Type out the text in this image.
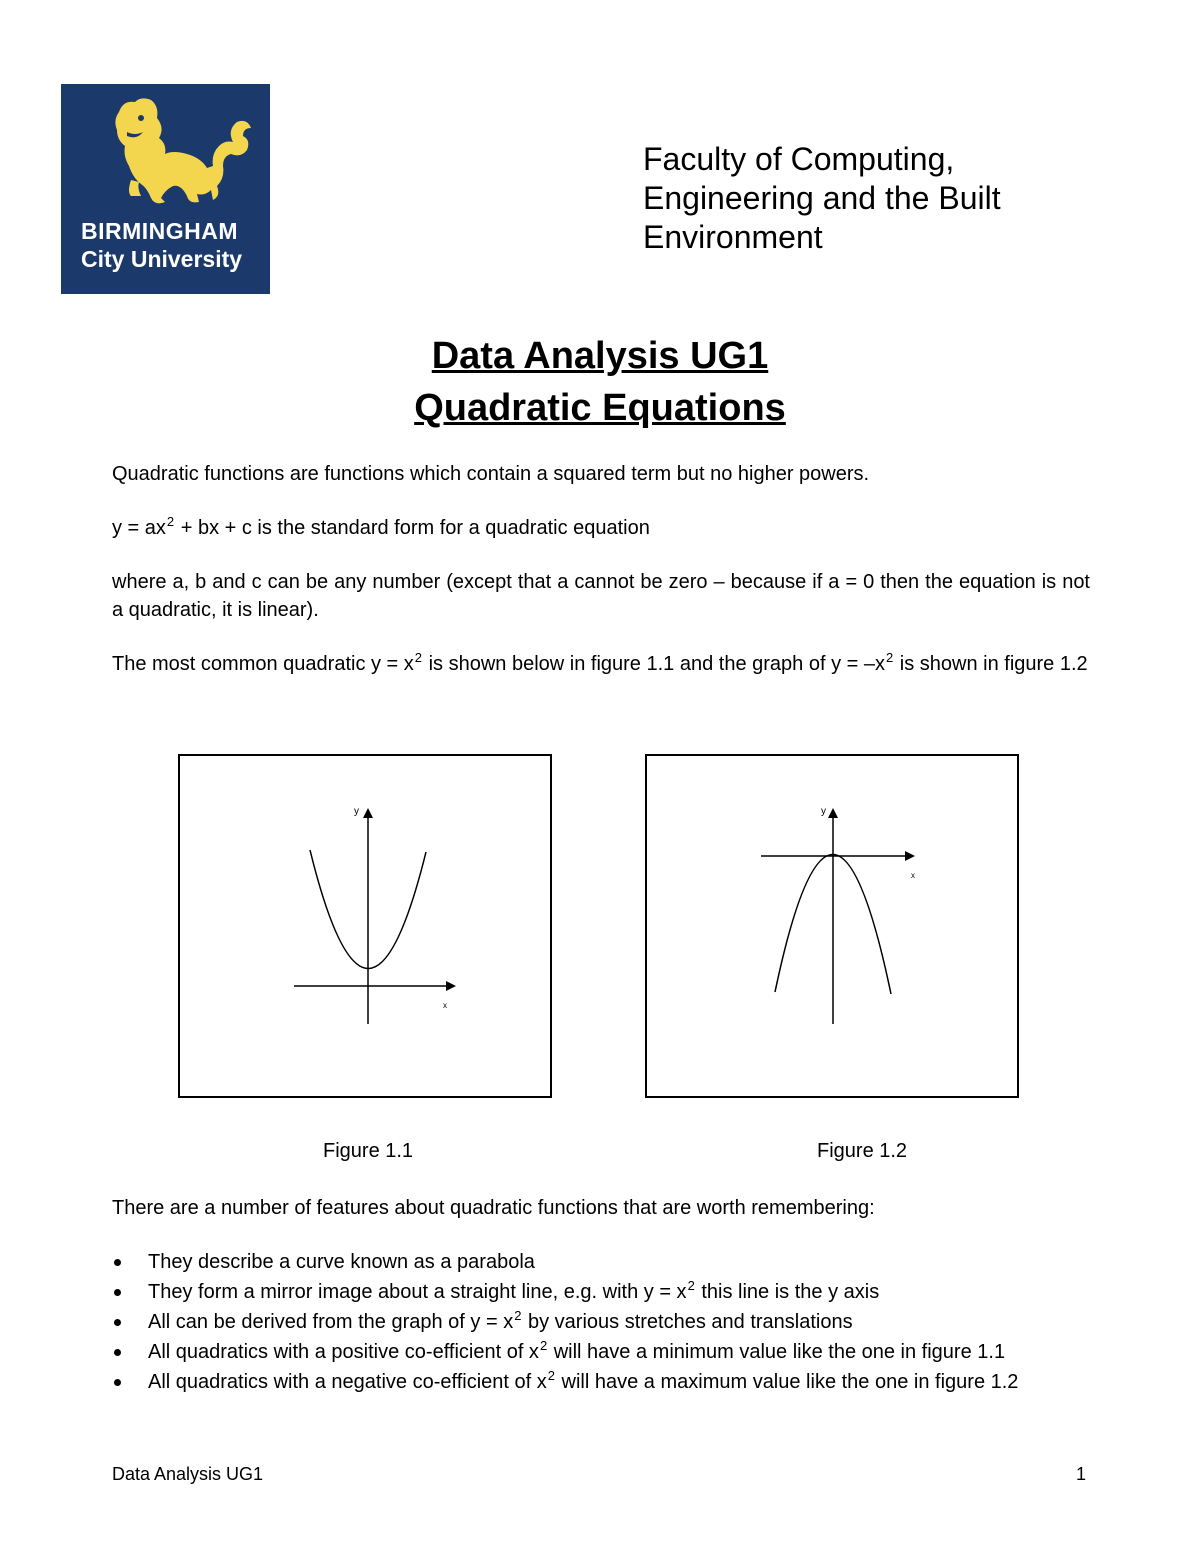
BIRMINGHAM
City University
Faculty of Computing,
Engineering and the Built
Environment
Data Analysis UG1
Quadratic Equations
Quadratic functions are functions which contain a squared term but no higher powers.
$y = ax^2$ + bx + c is the standard form for a quadratic equation
where a, b and c can be any number (except that a cannot be zero – because if a = 0 then the equation is not a quadratic, it is linear).
The most common quadratic $y = x^2$ is shown below in figure 1.1 and the graph of $y = -x^2$ is shown in figure 1.2
y
x
y
x
Figure 1.1	Figure 1.2
There are a number of features about quadratic functions that are worth remembering:
They describe a curve known as a parabola
They form a mirror image about a straight line, e.g. with $y = x^2$ this line is the y axis
All can be derived from the graph of $y = x^2$ by various stretches and translations
All quadratics with a positive co-efficient of $x^2$ will have a minimum value like the one in figure 1.1
All quadratics with a negative co-efficient of $x^2$ will have a maximum value like the one in figure 1.2
Data Analysis UG1	1
